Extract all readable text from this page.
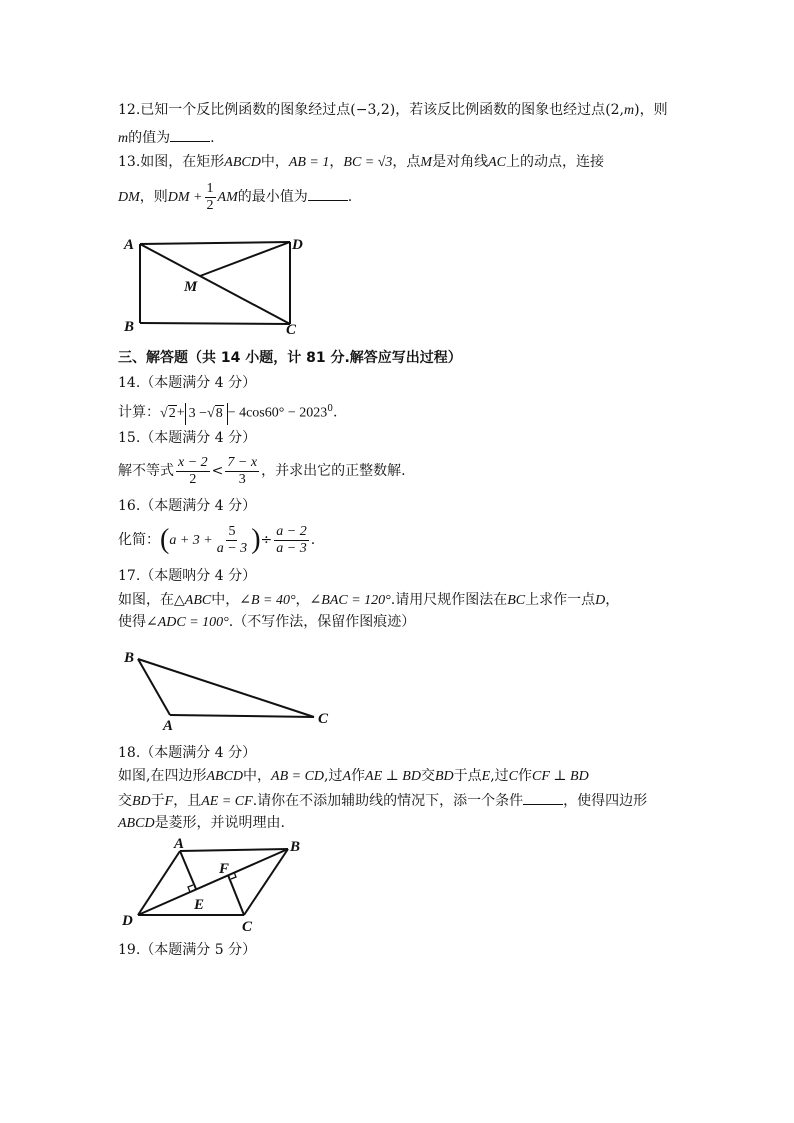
12.已知一个反比例函数的图象经过点(−3,2)，若该反比例函数的图象也经过点(2,m)，则
m的值为	.
13.如图，在矩形ABCD中，AB = 1，BC = √3，点M是对角线AC上的动点，连接
DM，则DM + $\frac{1}{2}$ AM的最小值为	.
A	D
M
B	C
三、解答题（共 14 小题，计 81 分.解答应写出过程）
14.（本题满分 4 分）
计算：$√2+ 3 -√8 - 4\cos 60^\circ - 2023^0$.
15.（本题满分 4 分）
解不等式 $\frac{x - 2}{2} < \frac{7 - x}{3}$ ，并求出它的正整数解.
16.（本题满分 4 分）
化简：($a + 3 + \frac{5}{a - 3}$ )÷ $\frac{a - 2}{a - 3}$ .
17.（本题呐分 4 分）
如图，在△ABC中，∠B = 40°，∠BAC = 120°.请用尺规作图法在BC上求作一点D，
使得∠ADC = 100°.（不写作法，保留作图痕迹）
B
A	C
18.（本题满分 4 分）
如图,在四边形ABCD中，AB = CD,过A作AE ⊥ BD交BD于点E,过C作CF ⊥ BD
交BD于F，且AE = CF.请你在不添加辅助线的情况下，添一个条件	，使得四边形
ABCD是菱形，并说明理由.
A	B
F
E
D	C
19.（本题满分 5 分）
